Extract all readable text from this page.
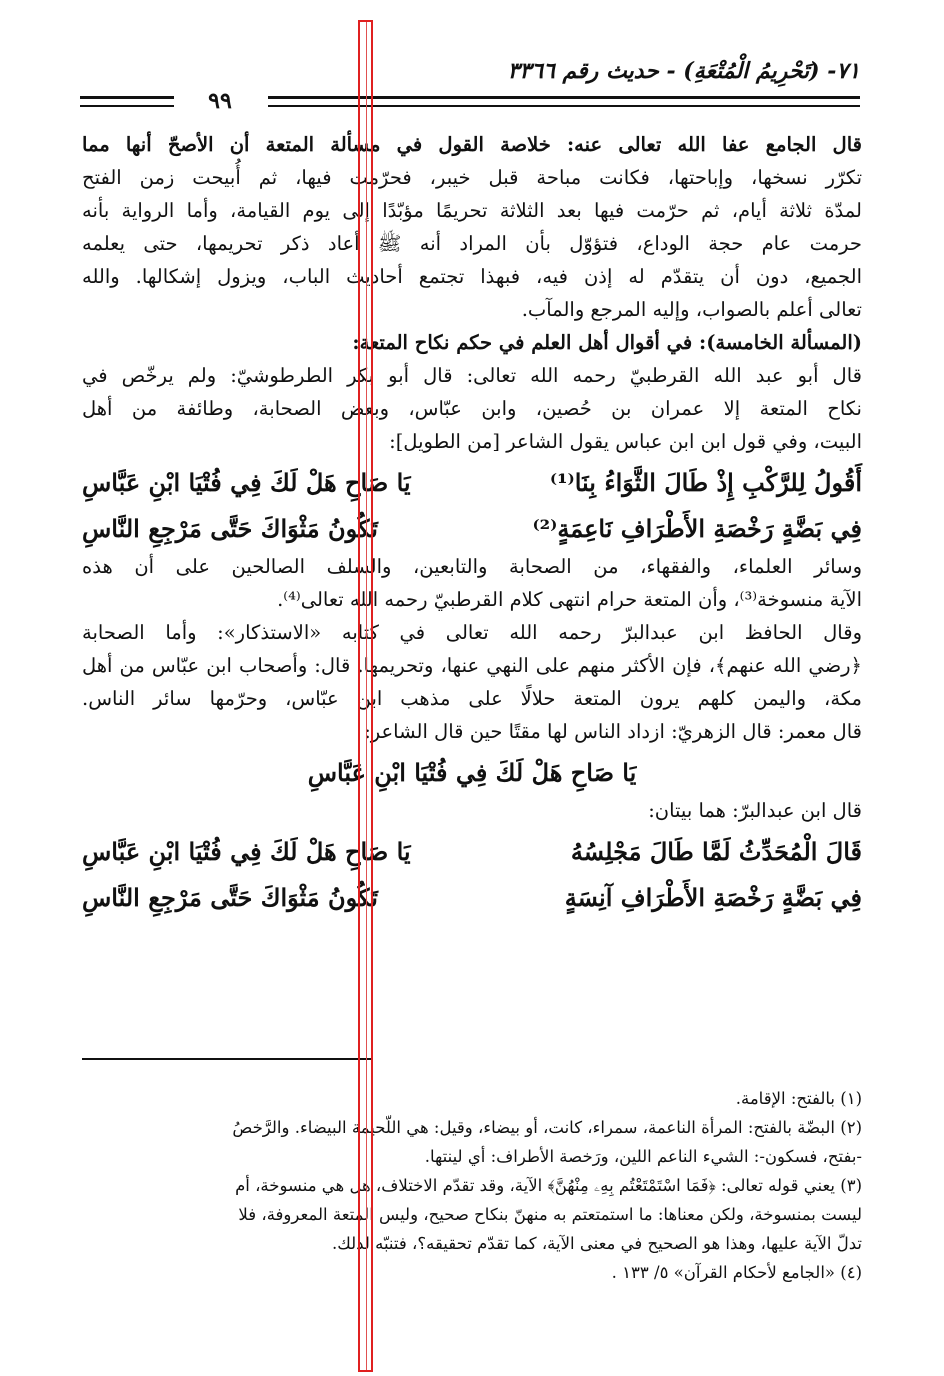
٧١- (تَحْرِيمُ الْمُتْعَةِ) - حديث رقم ٣٣٦٦
٩٩
قال الجامع عفا الله تعالى عنه: خلاصة القول في مسألة المتعة أن الأصحّ أنها مما
تكرّر نسخها، وإباحتها، فكانت مباحة قبل خيبر، فحرّمت فيها، ثم أُبيحت زمن الفتح
لمدّة ثلاثة أيام، ثم حرّمت فيها بعد الثلاثة تحريمًا مؤبّدًا إلى يوم القيامة، وأما الرواية بأنه
حرمت عام حجة الوداع، فتؤوّل بأن المراد أنه ﷺ أعاد ذكر تحريمها، حتى يعلمه
الجميع، دون أن يتقدّم له إذن فيه، فبهذا تجتمع أحاديث الباب، ويزول إشكالها. والله
تعالى أعلم بالصواب، وإليه المرجع والمآب.
(المسألة الخامسة): في أقوال أهل العلم في حكم نكاح المتعة:
قال أبو عبد الله القرطبيّ رحمه الله تعالى: قال أبو بكر الطرطوشيّ: ولم يرخّص في
نكاح المتعة إلا عمران بن حُصين، وابن عبّاس، وبعض الصحابة، وطائفة من أهل
البيت، وفي قول ابن ابن عباس يقول الشاعر [من الطويل]:
أَقُولُ لِلرَّكْبِ إِذْ طَالَ الثَّوَاءُ بِنَا⁽¹⁾
يَا صَاحِ هَلْ لَكَ فِي فُتْيَا ابْنِ عَبَّاسِ
فِي بَضَّةٍ رَخْصَةِ الأَطْرَافِ نَاعِمَةٍ⁽²⁾
تَكُونُ مَثْوَاكَ حَتَّى مَرْجِعِ النَّاسِ
وسائر العلماء، والفقهاء، من الصحابة والتابعين، والسلف الصالحين على أن هذه
الآية منسوخة⁽³⁾، وأن المتعة حرام انتهى كلام القرطبيّ رحمه الله تعالى⁽⁴⁾.
وقال الحافظ ابن عبدالبرّ رحمه الله تعالى في كتابه «الاستذكار»: وأما الصحابة
﴿رضي الله عنهم﴾، فإن الأكثر منهم على النهي عنها، وتحريمها. قال: وأصحاب ابن عبّاس من أهل
مكة، واليمن كلهم يرون المتعة حلالًا على مذهب ابن عبّاس، وحرّمها سائر الناس.
قال معمر: قال الزهريّ: ازداد الناس لها مقتًا حين قال الشاعر:
يَا صَاحِ هَلْ لَكَ فِي فُتْيَا ابْنِ عَبَّاسِ
قال ابن عبدالبرّ: هما بيتان:
قَالَ الْمُحَدِّثُ لَمَّا طَالَ مَجْلِسُهُ
يَا صَاحِ هَلْ لَكَ فِي فُتْيَا ابْنِ عَبَّاسِ
فِي بَضَّةٍ رَخْصَةِ الأَطْرَافِ آنِسَةٍ
تَكُونُ مَثْوَاكَ حَتَّى مَرْجِعِ النَّاسِ
(١) بالفتح: الإقامة.
(٢) البضّة بالفتح: المرأة الناعمة، سمراء، كانت، أو بيضاء، وقيل: هي اللّحيمة البيضاء. والرَّخصُ
-بفتح، فسكون-: الشيء الناعم اللين، ورَخصة الأطراف: أي لينتها.
(٣) يعني قوله تعالى: ﴿فَمَا اسْتَمْتَعْتُم بِهِۦ مِنْهُنَّ﴾ الآية، وقد تقدّم الاختلاف، هل هي منسوخة، أم
ليست بمنسوخة، ولكن معناها: ما استمتعتم به منهنّ بنكاح صحيح، وليس المتعة المعروفة، فلا
تدلّ الآية عليها، وهذا هو الصحيح في معنى الآية، كما تقدّم تحقيقه؟، فتنبّه لذلك.
(٤) «الجامع لأحكام القرآن» ٥/ ١٣٣ .
